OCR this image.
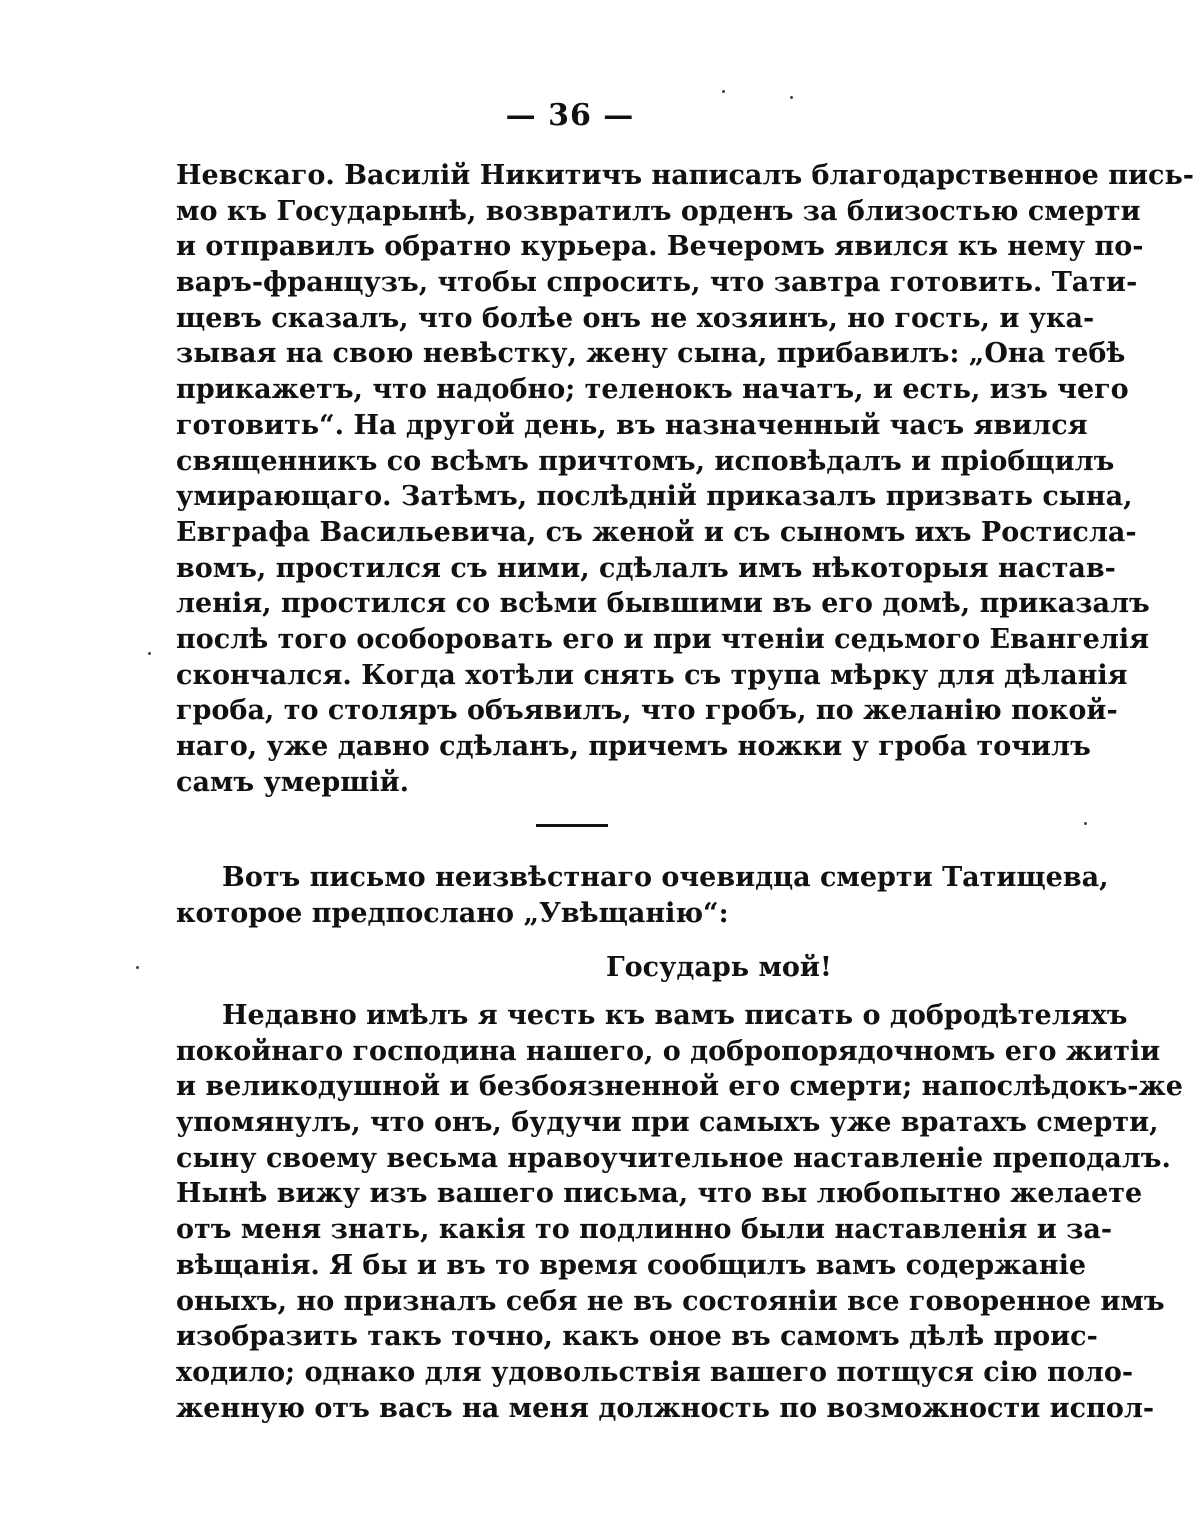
— 36 —
Невскаго. Василій Никитичъ написалъ благодарственное пись-
мо къ Государынѣ, возвратилъ орденъ за близостью смерти
и отправилъ обратно курьера. Вечеромъ явился къ нему по-
варъ-французъ, чтобы спросить, что завтра готовить. Тати-
щевъ сказалъ, что болѣе онъ не хозяинъ, но гость, и ука-
зывая на свою невѣстку, жену сына, прибавилъ: „Она тебѣ
прикажетъ, что надобно; теленокъ начатъ, и есть, изъ чего
готовить“. На другой день, въ назначенный часъ явился
священникъ со всѣмъ причтомъ, исповѣдалъ и пріобщилъ
умирающаго. Затѣмъ, послѣдній приказалъ призвать сына,
Евграфа Васильевича, съ женой и съ сыномъ ихъ Ростисла-
вомъ, простился съ ними, сдѣлалъ имъ нѣкоторыя настав-
ленія, простился со всѣми бывшими въ его домѣ, приказалъ
послѣ того особоровать его и при чтеніи седьмого Евангелія
скончался. Когда хотѣли снять съ трупа мѣрку для дѣланія
гроба, то столяръ объявилъ, что гробъ, по желанію покой-
наго, уже давно сдѣланъ, причемъ ножки у гроба точилъ
самъ умершій.
Вотъ письмо неизвѣстнаго очевидца смерти Татищева,
которое предпослано „Увѣщанію“:
Государь мой!
Недавно имѣлъ я честь къ вамъ писать о добродѣтеляхъ
покойнаго господина нашего, о добропорядочномъ его житіи
и великодушной и безбоязненной его смерти; напослѣдокъ-же
упомянулъ, что онъ, будучи при самыхъ уже вратахъ смерти,
сыну своему весьма нравоучительное наставленіе преподалъ.
Нынѣ вижу изъ вашего письма, что вы любопытно желаете
отъ меня знать, какія то подлинно были наставленія и за-
вѣщанія. Я бы и въ то время сообщилъ вамъ содержаніе
оныхъ, но призналъ себя не въ состояніи все говоренное имъ
изобразить такъ точно, какъ оное въ самомъ дѣлѣ проис-
ходило; однако для удовольствія вашего потщуся сію поло-
женную отъ васъ на меня должность по возможности испол-
